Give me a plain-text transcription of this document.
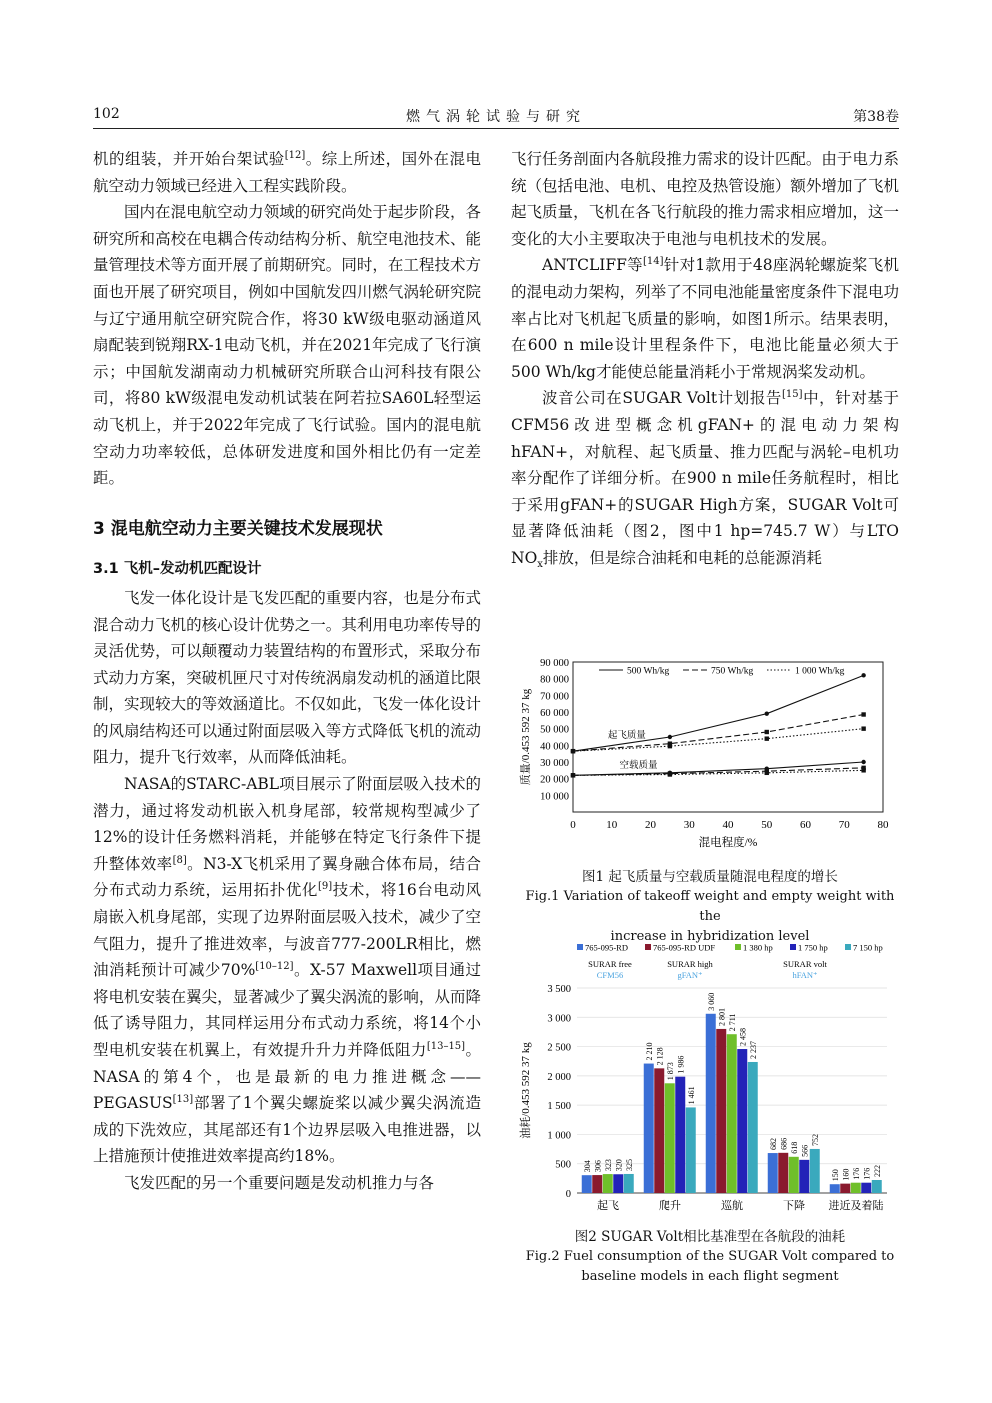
102	燃气涡轮试验与研究	第38卷

机的组装，并开始台架试验[12]。综上所述，国外在混电航空动力领域已经进入工程实践阶段。

国内在混电航空动力领域的研究尚处于起步阶段，各研究所和高校在电耦合传动结构分析、航空电池技术、能量管理技术等方面开展了前期研究。同时，在工程技术方面也开展了研究项目，例如中国航发四川燃气涡轮研究院与辽宁通用航空研究院合作，将30 kW级电驱动涵道风扇配装到锐翔RX-1电动飞机，并在2021年完成了飞行演示；中国航发湖南动力机械研究所联合山河科技有限公司，将80 kW级混电发动机试装在阿若拉SA60L轻型运动飞机上，并于2022年完成了飞行试验。国内的混电航空动力功率较低，总体研发进度和国外相比仍有一定差距。

3 混电航空动力主要关键技术发展现状
3.1 飞机–发动机匹配设计

飞发一体化设计是飞发匹配的重要内容，也是分布式混合动力飞机的核心设计优势之一。其利用电功率传导的灵活优势，可以颠覆动力装置结构的布置形式，采取分布式动力方案，突破机匣尺寸对传统涡扇发动机的涵道比限制，实现较大的等效涵道比。不仅如此，飞发一体化设计的风扇结构还可以通过附面层吸入等方式降低飞机的流动阻力，提升飞行效率，从而降低油耗。

NASA的STARC-ABL项目展示了附面层吸入技术的潜力，通过将发动机嵌入机身尾部，较常规构型减少了12%的设计任务燃料消耗，并能够在特定飞行条件下提升整体效率[8]。N3-X飞机采用了翼身融合体布局，结合分布式动力系统，运用拓扑优化[9]技术，将16台电动风扇嵌入机身尾部，实现了边界附面层吸入技术，减少了空气阻力，提升了推进效率，与波音777-200LR相比，燃油消耗预计可减少70%[10–12]。X-57 Maxwell项目通过将电机安装在翼尖，显著减少了翼尖涡流的影响，从而降低了诱导阻力，其同样运用分布式动力系统，将14个小型电机安装在机翼上，有效提升升力并降低阻力[13–15]。NASA的第4个，也是最新的电力推进概念——PEGASUS[13]部署了1个翼尖螺旋桨以减少翼尖涡流造成的下洗效应，其尾部还有1个边界层吸入电推进器，以上措施预计使推进效率提高约18%。

飞发匹配的另一个重要问题是发动机推力与各

飞行任务剖面内各航段推力需求的设计匹配。由于电力系统（包括电池、电机、电控及热管设施）额外增加了飞机起飞质量，飞机在各飞行航段的推力需求相应增加，这一变化的大小主要取决于电池与电机技术的发展。

ANTCLIFF等[14]针对1款用于48座涡轮螺旋桨飞机的混电动力架构，列举了不同电池能量密度条件下混电功率占比对飞机起飞质量的影响，如图1所示。结果表明，在600 n mile设计里程条件下，电池比能量必须大于500 Wh/kg才能使总能量消耗小于常规涡桨发动机。

波音公司在SUGAR Volt计划报告[15]中，针对基于CFM56改进型概念机gFAN+的混电动力架构hFAN+，对航程、起飞质量、推力匹配与涡轮–电机功率分配作了详细分析。在900 n mile任务航程时，相比于采用gFAN+的SUGAR High方案，SUGAR Volt可显著降低油耗（图2，图中1 hp=745.7 W）与LTO $NO_x$排放，但是综合油耗和电耗的总能源消耗

10 000
20 000
30 000
40 000
50 000
60 000
70 000
80 000
90 000
0	10	20	30	40	50	60	70	80
混电程度/%
质量/0.453 592 37 kg
500 Wh/kg	750 Wh/kg	1 000 Wh/kg
起飞质量
空载质量
图1 起飞质量与空载质量随混电程度的增长
Fig.1 Variation of takeoff weight and empty weight with the
increase in hybridization level
765-095-RD	765-095-RD UDF	1 380 hp	1 750 hp	7 150 hp
SURAR free
CFM56
SURAR high
gFAN⁺
SURAR volt
hFAN⁺
0
500
1 000
1 500
2 000
2 500
3 000
3 500
油耗/0.453 592 37 kg
起飞
304 306 323 320 325
爬升
2 210 2 128
1 873 1 986
1 461
巡航
3 060
2 801 2 711
2 458
2 237
下降
682 686 618 566
752
进近及着陆
150 160 176 176 222
图2 SUGAR Volt相比基准型在各航段的油耗
Fig.2 Fuel consumption of the SUGAR Volt compared to
baseline models in each flight segment
